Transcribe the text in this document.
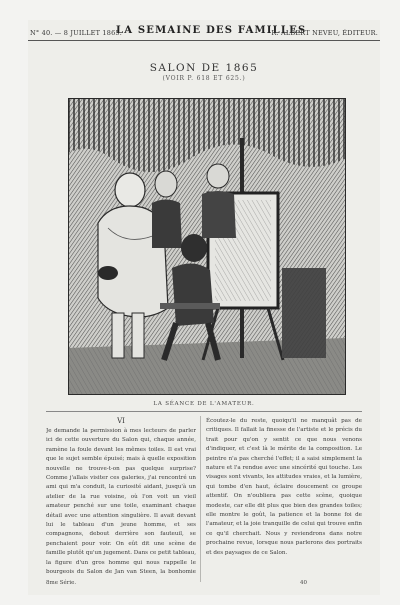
N° 40. — 8 JUILLET 1865.
LA SEMAINE DES FAMILLES
R. ALBERT NEVEU, ÉDITEUR.
SALON DE 1865
(VOIR P. 618 ET 625.)
LA SÉANCE DE L'AMATEUR.
VI
Je demande la permission à mes lecteurs de parler ici de cette ouverture du Salon qui, chaque année, ramène la foule devant les mêmes toiles. Il est vrai que le sujet semble épuisé; mais à quelle exposition nouvelle ne trouve-t-on pas quelque surprise? Comme j'allais visiter ces galeries, j'ai rencontré un ami qui m'a conduit, la curiosité aidant, jusqu'à un atelier de la rue voisine, où l'on voit un vieil amateur penché sur une toile, examinant chaque détail avec une attention singulière. Il avait devant lui le tableau d'un jeune homme, et ses compagnons, debout derrière son fauteuil, se penchaient pour voir. On eût dit une scène de famille plutôt qu'un jugement. Dans ce petit tableau, la figure d'un gros homme qui nous rappelle le bourgeois du Salon de Jan van Steen, la bonhomie
Écoutez-le du reste, quoiqu'il ne manquât pas de critiques. Il fallait la finesse de l'artiste et le précis du trait pour qu'on y sentit ce que nous venons d'indiquer, et c'est là le mérite de la composition. Le peintre n'a pas cherché l'effet; il a saisi simplement la nature et l'a rendue avec une sincérité qui touche. Les visages sont vivants, les attitudes vraies, et la lumière, qui tombe d'en haut, éclaire doucement ce groupe attentif. On n'oubliera pas cette scène, quoique modeste, car elle dit plus que bien des grandes toiles; elle montre le goût, la patience et la bonne foi de l'amateur, et la joie tranquille de celui qui trouve enfin ce qu'il cherchait. Nous y reviendrons dans notre prochaine revue, lorsque nous parlerons des portraits et des paysages de ce Salon.
8me Série.	40
